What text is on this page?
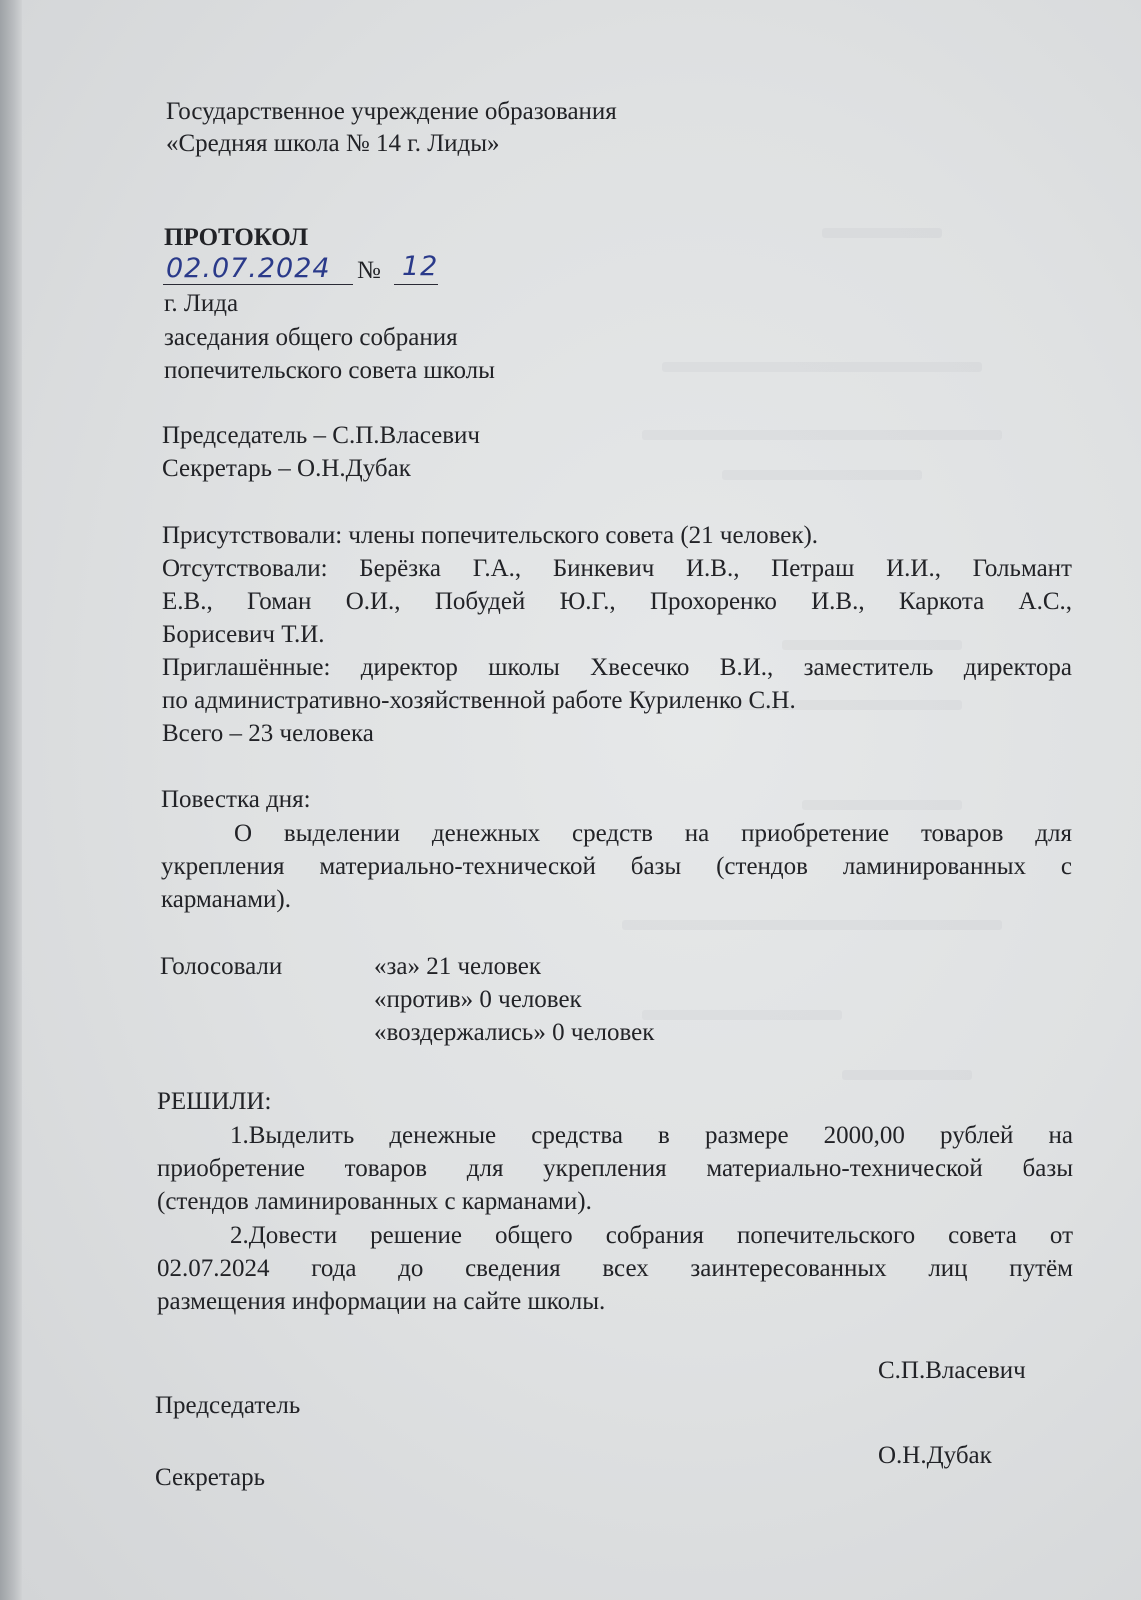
Государственное учреждение образования
«Средняя школа № 14 г. Лиды»
ПРОТОКОЛ
02.07.2024 № 12
г. Лида
заседания общего собрания
попечительского совета школы
Председатель – С.П.Власевич
Секретарь – О.Н.Дубак
Присутствовали: члены попечительского совета (21 человек).
Отсутствовали: Берёзка Г.А., Бинкевич И.В., Петраш И.И., Гольмант
Е.В., Гоман О.И., Побудей Ю.Г., Прохоренко И.В., Каркота А.С.,
Борисевич Т.И.
Приглашённые: директор школы Хвесечко В.И., заместитель директора
по административно-хозяйственной работе Куриленко С.Н.
Всего – 23 человека
Повестка дня:
О выделении денежных средств на приобретение товаров для
укрепления материально-технической базы (стендов ламинированных с
карманами).
Голосовали	«за» 21 человек
«против» 0 человек
«воздержались» 0 человек
РЕШИЛИ:
1.Выделить денежные средства в размере 2000,00 рублей на
приобретение товаров для укрепления материально-технической базы
(стендов ламинированных с карманами).
2.Довести решение общего собрания попечительского совета от
02.07.2024 года до сведения всех заинтересованных лиц путём
размещения информации на сайте школы.
С.П.Власевич
Председатель
О.Н.Дубак
Секретарь
